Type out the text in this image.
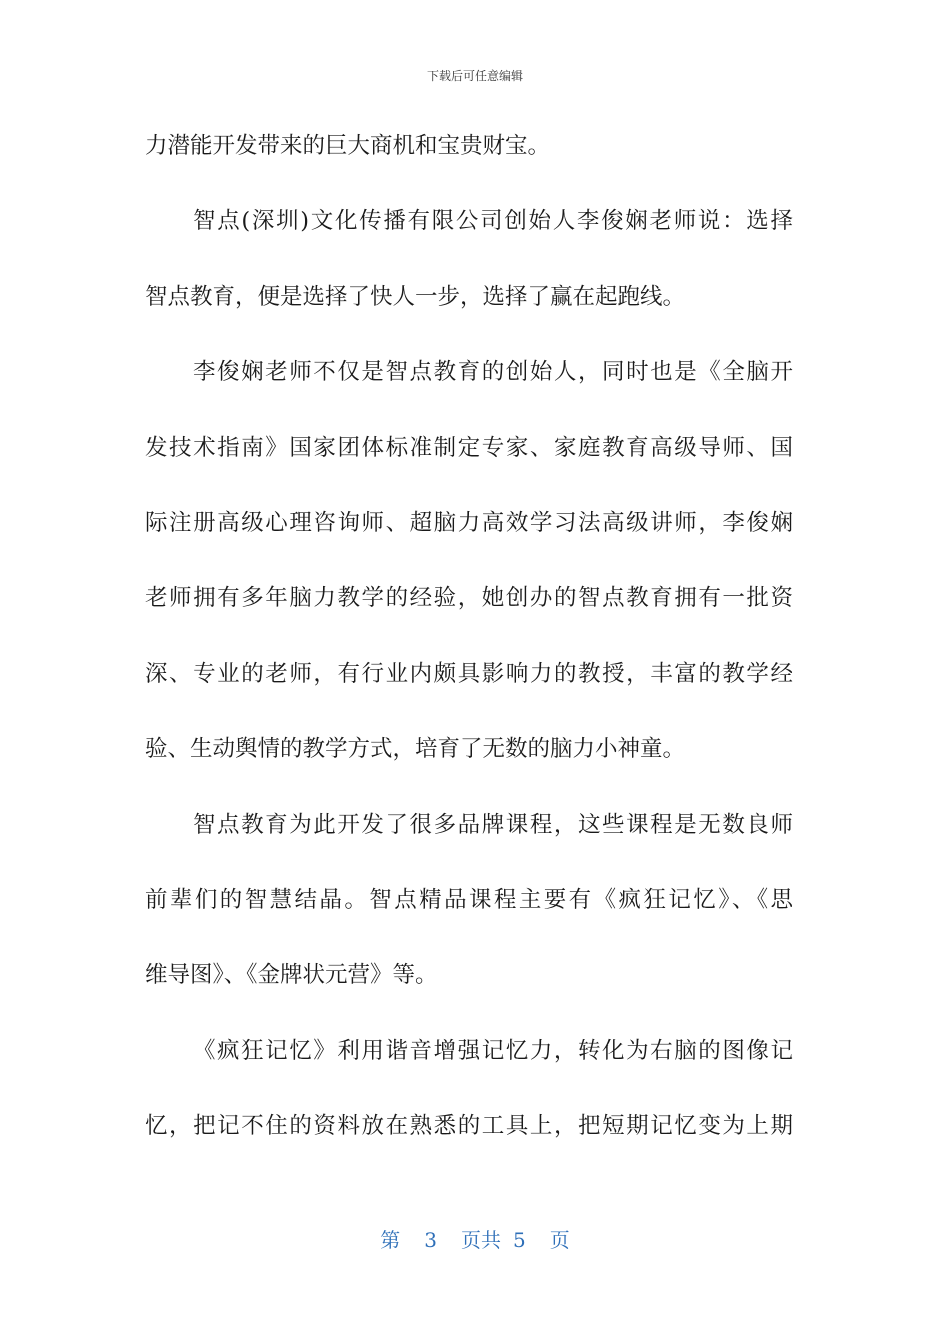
下载后可任意编辑
力潜能开发带来的巨大商机和宝贵财宝。
智点(深圳)文化传播有限公司创始人李俊娴老师说：选择
智点教育，便是选择了快人一步，选择了赢在起跑线。
李俊娴老师不仅是智点教育的创始人，同时也是《全脑开
发技术指南》国家团体标准制定专家、家庭教育高级导师、国
际注册高级心理咨询师、超脑力高效学习法高级讲师，李俊娴
老师拥有多年脑力教学的经验，她创办的智点教育拥有一批资
深、专业的老师，有行业内颇具影响力的教授，丰富的教学经
验、生动舆情的教学方式，培育了无数的脑力小神童。
智点教育为此开发了很多品牌课程，这些课程是无数良师
前辈们的智慧结晶。智点精品课程主要有《疯狂记忆》、《思
维导图》、《金牌状元营》等。
《疯狂记忆》利用谐音增强记忆力，转化为右脑的图像记
忆，把记不住的资料放在熟悉的工具上，把短期记忆变为上期
第 3 页共 5 页
